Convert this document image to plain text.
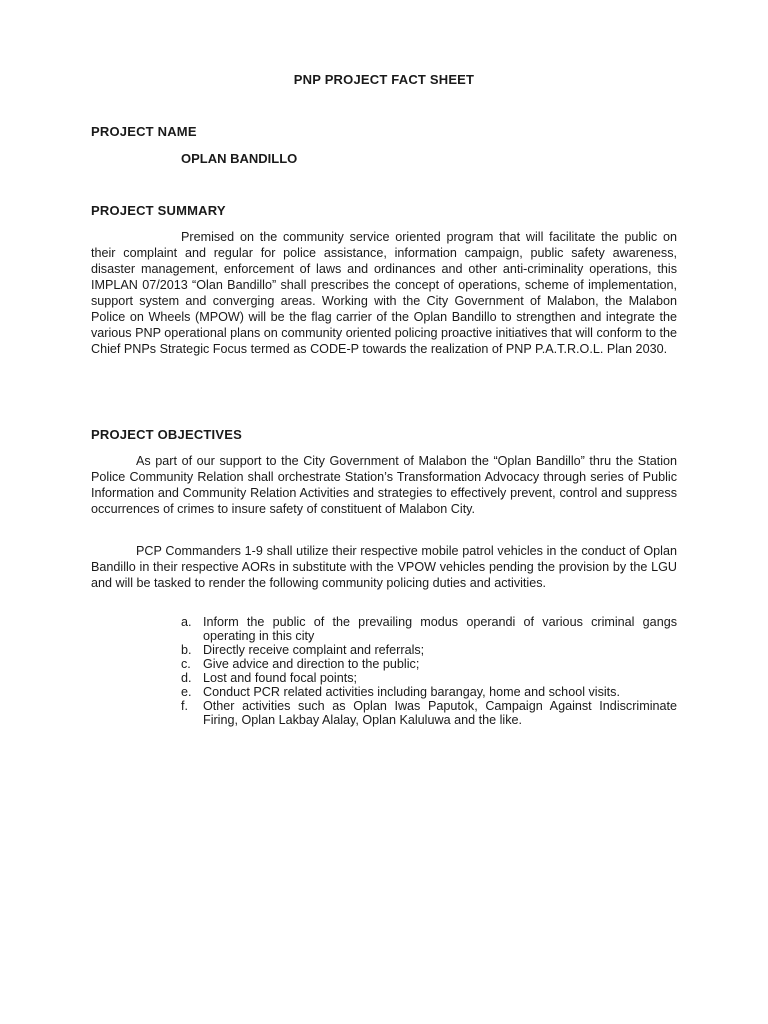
PNP PROJECT FACT SHEET
PROJECT NAME
OPLAN BANDILLO
PROJECT SUMMARY

Premised on the community service oriented program that will facilitate the public on their complaint and regular for police assistance, information campaign, public safety awareness, disaster management, enforcement of laws and ordinances and other anti-criminality operations, this IMPLAN 07/2013 “Olan Bandillo” shall prescribes the concept of operations, scheme of implementation, support system and converging areas. Working with the City Government of Malabon, the Malabon Police on Wheels (MPOW) will be the flag carrier of the Oplan Bandillo to strengthen and integrate the various PNP operational plans on community oriented policing proactive initiatives that will conform to the Chief PNPs Strategic Focus termed as CODE-P towards the realization of PNP P.A.T.R.O.L. Plan 2030.

PROJECT OBJECTIVES

As part of our support to the City Government of Malabon the “Oplan Bandillo” thru the Station Police Community Relation shall orchestrate Station’s Transformation Advocacy through series of Public Information and Community Relation Activities and strategies to effectively prevent, control and suppress occurrences of crimes to insure safety of constituent of Malabon City.

PCP Commanders 1-9 shall utilize their respective mobile patrol vehicles in the conduct of Oplan Bandillo in their respective AORs in substitute with the VPOW vehicles pending the provision by the LGU and will be tasked to render the following community policing duties and activities.

a. Inform the public of the prevailing modus operandi of various criminal gangs operating in this city
b. Directly receive complaint and referrals;
c. Give advice and direction to the public;
d. Lost and found focal points;
e. Conduct PCR related activities including barangay, home and school visits.
f. Other activities such as Oplan Iwas Paputok, Campaign Against Indiscriminate Firing, Oplan Lakbay Alalay, Oplan Kaluluwa and the like.
